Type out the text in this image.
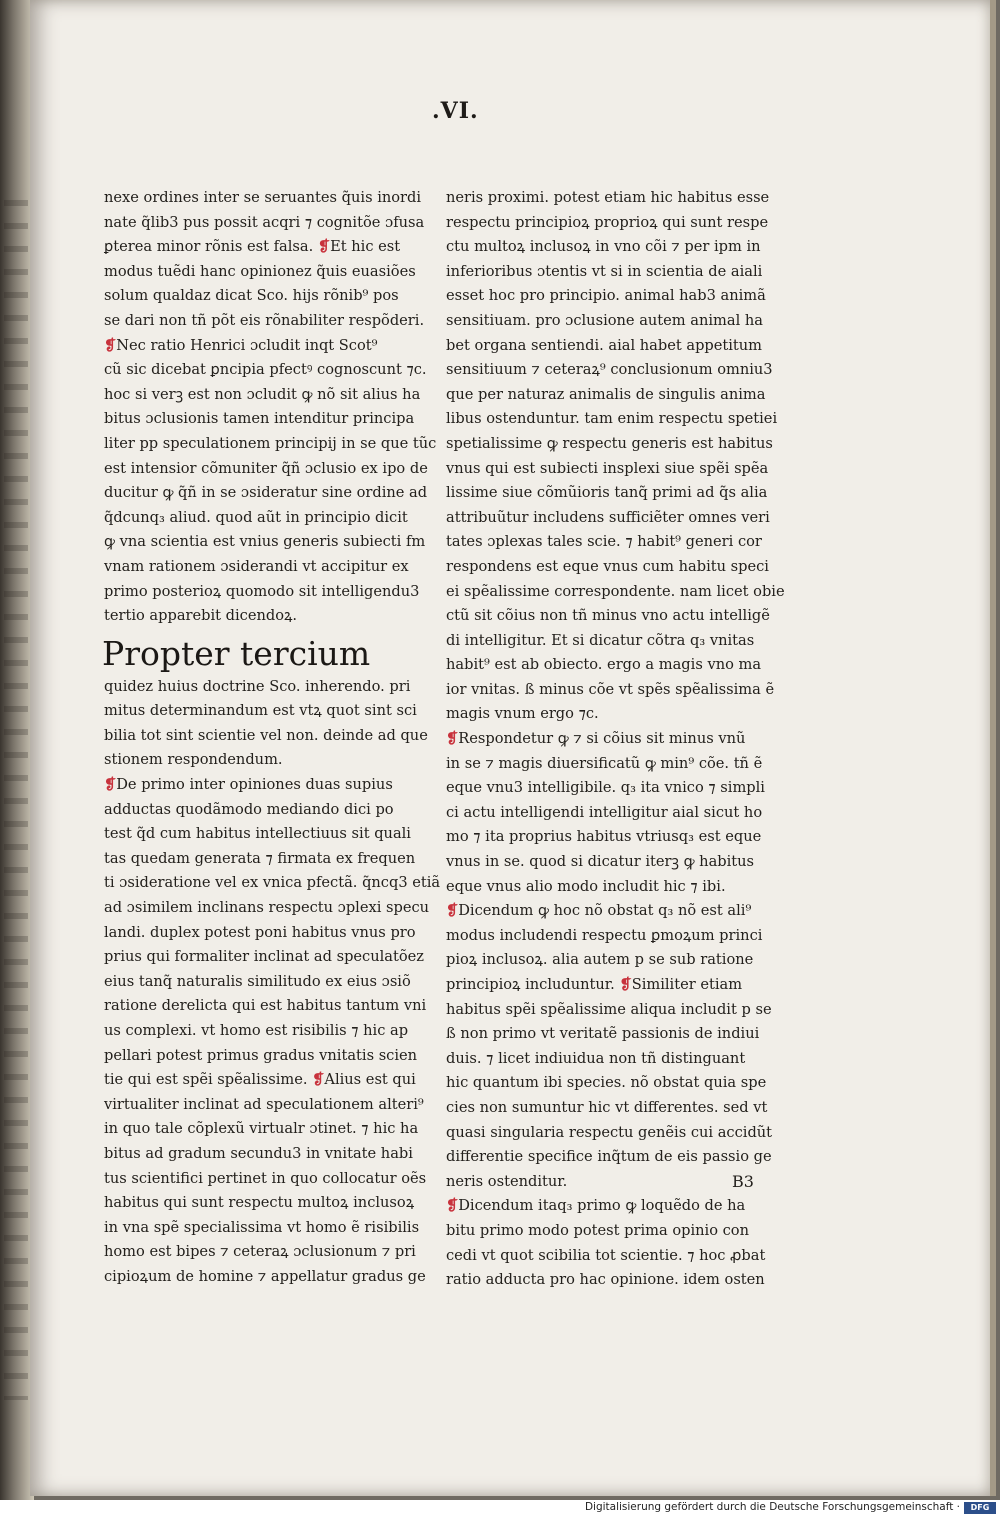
.VI.
nexe ordines inter se seruantes q̃uis inordi
nate q̃lib3 pus possit acqri ⁊ cognitõe ɔfusa
ꝑterea minor rõnis est falsa. ❡Et hic est
modus tuẽdi hanc opinionez q̃uis euasiões
solum qualdaz dicat Sco. hijs rõnib⁹ pos
se dari non tñ põt eis rõnabiliter respõderi.
❡Nec ratio Henrici ɔcludit inqt Scot⁹
cũ sic dicebat ꝑncipia pfectꝰ cognoscunt ⁊c.
hoc si verꝫ est non ɔcludit ꝙ nõ sit alius ha
bitus ɔclusionis tamen intenditur principa
liter pp speculationem principij in se que tũc
est intensior cõmuniter q̃ñ ɔclusio ex ipo de
ducitur ꝙ q̃ñ in se ɔsideratur sine ordine ad
q̃dcunq₃ aliud. quod aũt in principio dicit
ꝙ vna scientia est vnius generis subiecti fm
vnam rationem ɔsiderandi vt accipitur ex
primo posterioꝝ quomodo sit intelligendu3
tertio apparebit dicendoꝝ.
Propter tercium
quidez huius doctrine Sco. inherendo. pri
mitus determinandum est vtꝝ quot sint sci
bilia tot sint scientie vel non. deinde ad que
stionem respondendum.
❡De primo inter opiniones duas supius
adductas quodãmodo mediando dici po
test q̃d cum habitus intellectiuus sit quali
tas quedam generata ⁊ firmata ex frequen
ti ɔsideratione vel ex vnica pfectã. q̃ncq3 etiã
ad ɔsimilem inclinans respectu ɔplexi specu
landi. duplex potest poni habitus vnus pro
prius qui formaliter inclinat ad speculatõez
eius tanq̃ naturalis similitudo ex eius ɔsiõ
ratione derelicta qui est habitus tantum vni
us complexi. vt homo est risibilis ⁊ hic ap
pellari potest primus gradus vnitatis scien
tie qui est spẽi spẽalissime. ❡Alius est qui
virtualiter inclinat ad speculationem alteri⁹
in quo tale cõplexũ virtualr ɔtinet. ⁊ hic ha
bitus ad gradum secundu3 in vnitate habi
tus scientifici pertinet in quo collocatur oẽs
habitus qui sunt respectu multoꝝ inclusoꝝ
in vna spẽ specialissima vt homo ẽ risibilis
homo est bipes ⁊ ceteraꝝ ɔclusionum ⁊ pri
cipioꝝum de homine ⁊ appellatur gradus ge
neris proximi. potest etiam hic habitus esse
respectu principioꝝ proprioꝝ qui sunt respe
ctu multoꝝ inclusoꝝ in vno cõi ⁊ per ipm in
inferioribus ɔtentis vt si in scientia de aiali
esset hoc pro principio. animal hab3 animã
sensitiuam. pro ɔclusione autem animal ha
bet organa sentiendi. aial habet appetitum
sensitiuum ⁊ ceteraꝝ⁹ conclusionum omniu3
que per naturaz animalis de singulis anima
libus ostenduntur. tam enim respectu spetiei
spetialissime ꝙ respectu generis est habitus
vnus qui est subiecti insplexi siue spẽi spẽa
lissime siue cõmũioris tanq̃ primi ad q̃s alia
attribuũtur includens sufficiẽter omnes veri
tates ɔplexas tales scie. ⁊ habit⁹ generi cor
respondens est eque vnus cum habitu speci
ei spẽalissime correspondente. nam licet obie
ctũ sit cõius non tñ minus vno actu intelligẽ
di intelligitur. Et si dicatur cõtra q₃ vnitas
habit⁹ est ab obiecto. ergo a magis vno ma
ior vnitas. ß minus cõe vt spẽs spẽalissima ẽ
magis vnum ergo ⁊c.
❡Respondetur ꝙ ⁊ si cõius sit minus vnũ
in se ⁊ magis diuersificatũ ꝙ min⁹ cõe. tñ ẽ
eque vnu3 intelligibile. q₃ ita vnico ⁊ simpli
ci actu intelligendi intelligitur aial sicut ho
mo ⁊ ita proprius habitus vtriusq₃ est eque
vnus in se. quod si dicatur iterꝫ ꝙ habitus
eque vnus alio modo includit hic ⁊ ibi.
❡Dicendum ꝙ hoc nõ obstat q₃ nõ est ali⁹
modus includendi respectu ꝑmoꝝum princi
pioꝝ inclusoꝝ. alia autem p se sub ratione
principioꝝ includuntur. ❡Similiter etiam
habitus spẽi spẽalissime aliqua includit p se
ß non primo vt veritatẽ passionis de indiui
duis. ⁊ licet indiuidua non tñ distinguant
hic quantum ibi species. nõ obstat quia spe
cies non sumuntur hic vt differentes. sed vt
quasi singularia respectu genẽis cui accidũt
differentie specifice inq̃tum de eis passio ge
neris ostenditur.
❡Dicendum itaq₃ primo ꝙ loquẽdo de ha
bitu primo modo potest prima opinio con
cedi vt quot scibilia tot scientie. ⁊ hoc ꝓbat
ratio adducta pro hac opinione. idem osten
B3
Digitalisierung gefördert durch die Deutsche Forschungsgemeinschaft ·	DFG
